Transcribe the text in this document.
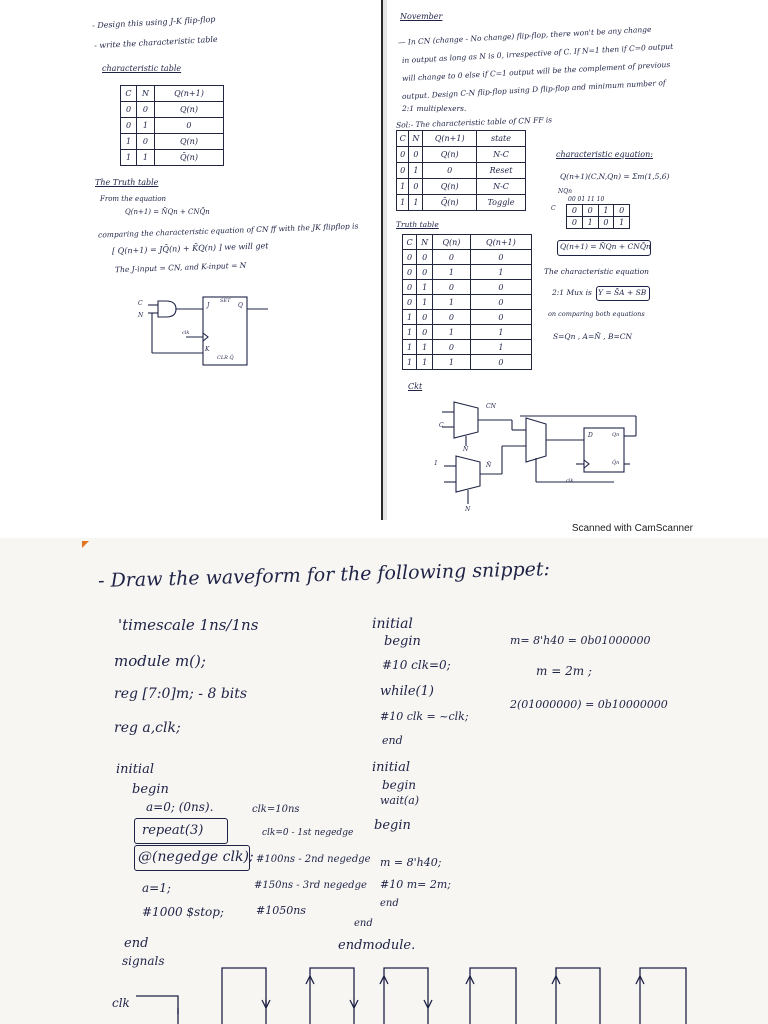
- Design this using J-K flip-flop
- write the characteristic table
characteristic table
C	N	Q(n+1)
0	0	Q(n)
0	1	0
1	0	Q(n)
1	1	Q̄(n)
The Truth table
From the equation
Q(n+1) = N̄Qn + CNQ̄n
comparing the characteristic equation of CN ff with the JK flipflop is
[ Q(n+1) = JQ̄(n) + K̄Q(n) ] we will get
The J-input = CN, and K-input = N
C
N
J
SET
Q
clk
K
CLR Q̄
November
— In CN (change - No change) flip-flop, there won't be any change
in output as long as N is 0, irrespective of C. If N=1 then if C=0 output
will change to 0 else if C=1 output will be the complement of previous
output. Design C-N flip-flop using D flip-flop and minimum number of
2:1 multiplexers.
Sol:- The characteristic table of CN FF is
C	N	Q(n+1)	state
0	0	Q(n)	N-C
0	1	0	Reset
1	0	Q(n)	N-C
1	1	Q̄(n)	Toggle
characteristic equation:
Q(n+1)(C,N,Qn) = Σm(1,5,6)
NQn
00 01 11 10
C 0	0	1	0
0	1	0	1
Q(n+1) = N̄Qn + CNQ̄n
Truth table
C	N	Q(n)	Q(n+1)
0	0	0	0
0	0	1	1
0	1	0	0
0	1	1	0
1	0	0	0
1	0	1	1
1	1	0	1
1	1	1	0
The characteristic equation
2:1 Mux is Y = S̄A + SB
on comparing both equations
S=Qn , A=N̄ , B=CN
Ckt
CN
C
N
1	N̄
N
D	Qn
Q̄n
clk
Scanned with CamScanner
- Draw the waveform for the following snippet:
'timescale 1ns/1ns
module m();
reg [7:0]m; - 8 bits
reg a,clk;
initial
begin
a=0; (0ns).
repeat(3)
@(negedge clk);
a=1;
#1000 $stop;
end
signals
clk
clk=10ns
clk=0 - 1st negedge
#100ns - 2nd negedge
#150ns - 3rd negedge
#1050ns
initial
begin
#10 clk=0;
while(1)
#10 clk = ~clk;
end
initial
begin
wait(a)
begin
m = 8'h40;
#10 m= 2m;
end
end
endmodule.
m= 8'h40 = 0b01000000
m = 2m ;
2(01000000) = 0b10000000
